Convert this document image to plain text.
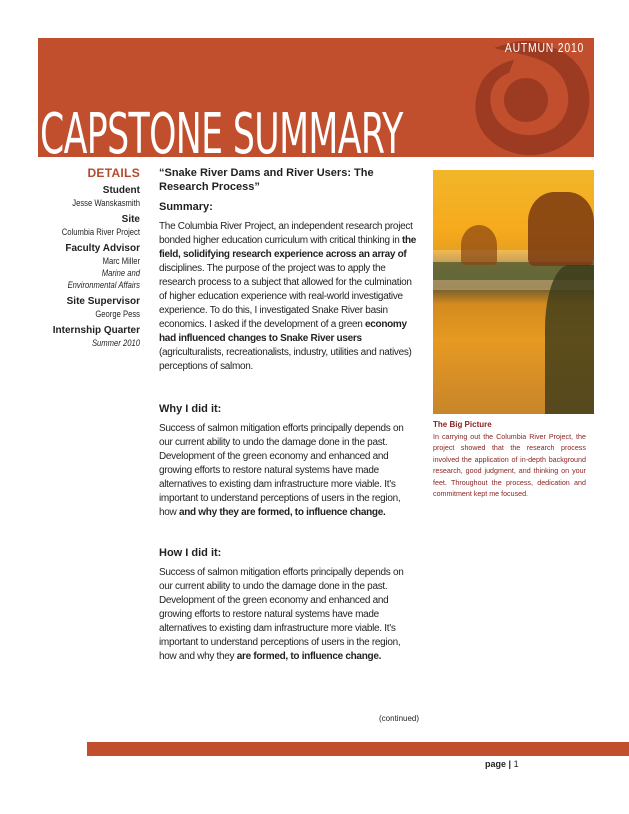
AUTMUN 2010
CAPSTONE SUMMARY
DETAILS
Student
Jesse Wanskasmith
Site
Columbia River Project
Faculty Advisor
Marc Miller
Marine and
Environmental Affairs
Site Supervisor
George Pess
Internship Quarter
Summer 2010
“Snake River Dams and River Users: The Research Process”
Summary:

The Columbia River Project, an independent research project bonded higher education curriculum with critical thinking in the field, solidifying research experience across an array of disciplines. The purpose of the project was to apply the research process to a subject that allowed for the culmination of higher education experience with real-world investigative experience. To do this, I investigated Snake River basin economics. I asked if the development of a green economy had influenced changes to Snake River users (agriculturalists, recreationalists, industry, utilities and natives) perceptions of salmon.

Why I did it:

Success of salmon mitigation efforts principally depends on our current ability to undo the damage done in the past. Development of the green economy and enhanced and growing efforts to restore natural systems have made alternatives to existing dam infrastructure more viable. It’s important to understand perceptions of users in the region, how and why they are formed, to influence change.

How I did it:

Success of salmon mitigation efforts principally depends on our current ability to undo the damage done in the past. Development of the green economy and enhanced and growing efforts to restore natural systems have made alternatives to existing dam infrastructure more viable. It’s important to understand perceptions of users in the region, how and why they are formed, to influence change.

The Big Picture
In carrying out the Columbia River Project, the project showed that the research process involved the application of in-depth background research, good judgment, and thinking on your feet. Throughout the process, dedication and commitment kept me focused.
(continued)
page | 1
